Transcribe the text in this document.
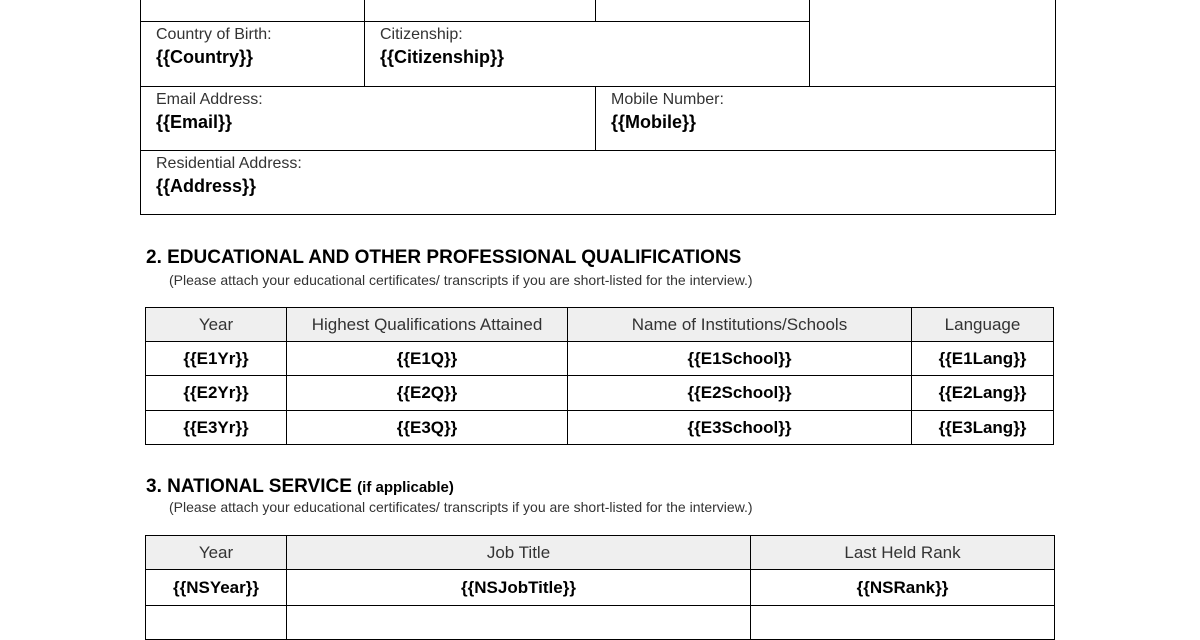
Country of Birth:
{{Country}}
Citizenship:
{{Citizenship}}
Email Address:
{{Email}}
Mobile Number:
{{Mobile}}
Residential Address:
{{Address}}
2. EDUCATIONAL AND OTHER PROFESSIONAL QUALIFICATIONS
(Please attach your educational certificates/ transcripts if you are short-listed for the interview.)
Year	Highest Qualifications Attained	Name of Institutions/Schools	Language
{{E1Yr}}	{{E1Q}}	{{E1School}}	{{E1Lang}}
{{E2Yr}}	{{E2Q}}	{{E2School}}	{{E2Lang}}
{{E3Yr}}	{{E3Q}}	{{E3School}}	{{E3Lang}}
3. NATIONAL SERVICE (if applicable)
(Please attach your educational certificates/ transcripts if you are short-listed for the interview.)
Year	Job Title	Last Held Rank
{{NSYear}}	{{NSJobTitle}}	{{NSRank}}
